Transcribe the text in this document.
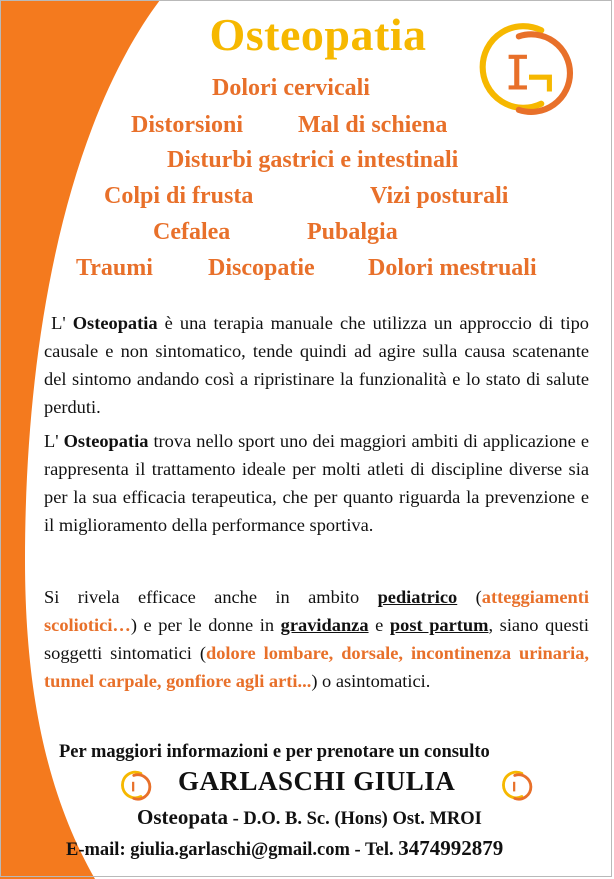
Osteopatia
Dolori cervicali
Distorsioni Mal di schiena
Disturbi gastrici e intestinali
Colpi di frusta	Vizi posturali
Cefalea	Pubalgia
Traumi Discopatie Dolori mestruali

L' Osteopatia è una terapia manuale che utilizza un approccio di tipo causale e non sintomatico, tende quindi ad agire sulla causa scatenante del sintomo andando così a ripristinare la funzionalità e lo stato di salute perduti.

L' Osteopatia trova nello sport uno dei maggiori ambiti di applicazione e rappresenta il trattamento ideale per molti atleti di discipline diverse sia per la sua efficacia terapeutica, che per quanto riguarda la prevenzione e il miglioramento della performance sportiva.

Si rivela efficace anche in ambito pediatrico (atteggiamenti scoliotici…) e per le donne in gravidanza e post partum, siano questi soggetti sintomatici (dolore lombare, dorsale, incontinenza urinaria, tunnel carpale, gonfiore agli arti...) o asintomatici.

Per maggiori informazioni e per prenotare un consulto
GARLASCHI GIULIA
Osteopata - D.O. B. Sc. (Hons) Ost. MROI
E-mail: giulia.garlaschi@gmail.com - Tel. 3474992879
